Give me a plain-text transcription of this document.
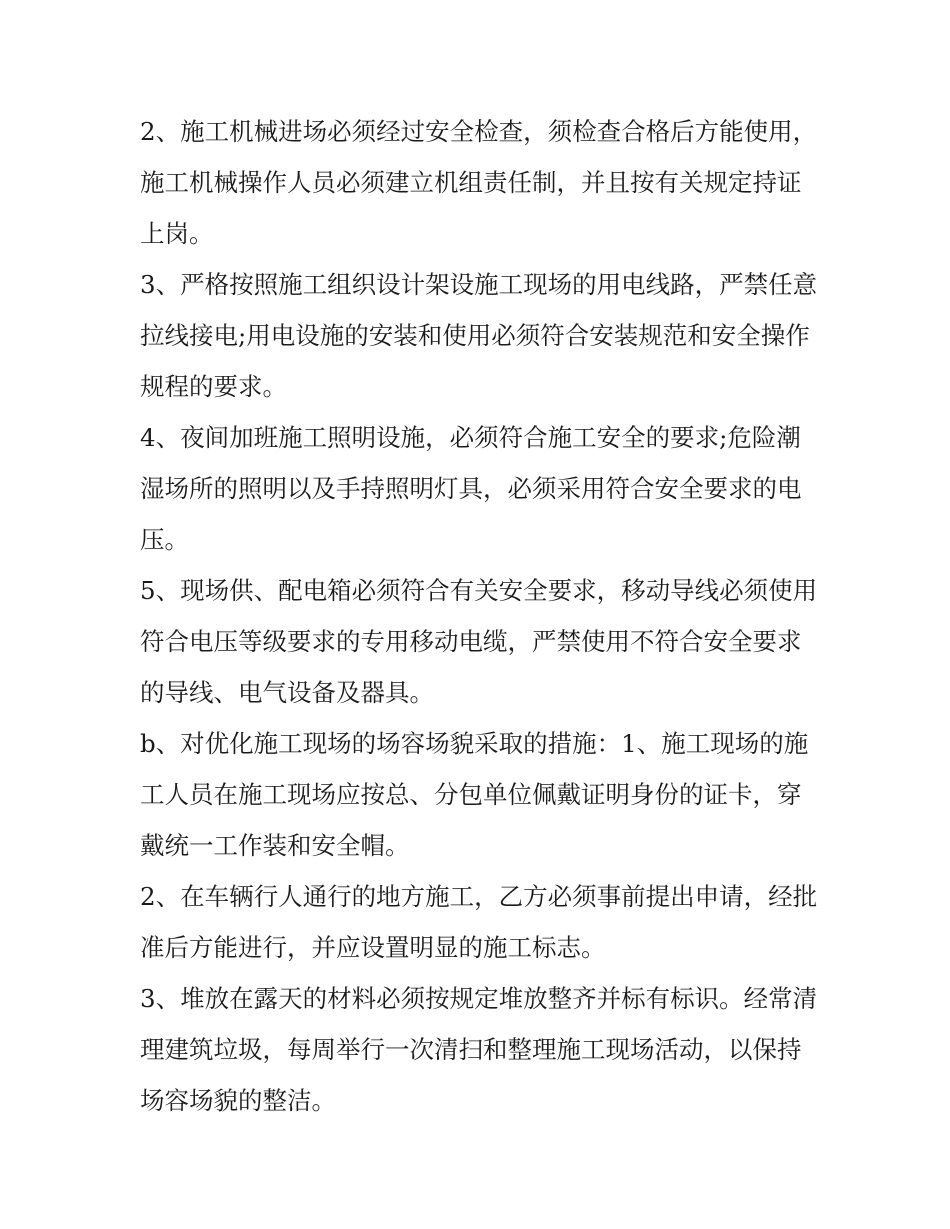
2、施工机械进场必须经过安全检查，须检查合格后方能使用，施工机械操作人员必须建立机组责任制，并且按有关规定持证上岗。

3、严格按照施工组织设计架设施工现场的用电线路，严禁任意拉线接电;用电设施的安装和使用必须符合安装规范和安全操作规程的要求。

4、夜间加班施工照明设施，必须符合施工安全的要求;危险潮湿场所的照明以及手持照明灯具，必须采用符合安全要求的电压。

5、现场供、配电箱必须符合有关安全要求，移动导线必须使用符合电压等级要求的专用移动电缆，严禁使用不符合安全要求的导线、电气设备及器具。

b、对优化施工现场的场容场貌采取的措施：1、施工现场的施工人员在施工现场应按总、分包单位佩戴证明身份的证卡，穿戴统一工作装和安全帽。

2、在车辆行人通行的地方施工，乙方必须事前提出申请，经批准后方能进行，并应设置明显的施工标志。

3、堆放在露天的材料必须按规定堆放整齐并标有标识。经常清理建筑垃圾，每周举行一次清扫和整理施工现场活动，以保持场容场貌的整洁。
